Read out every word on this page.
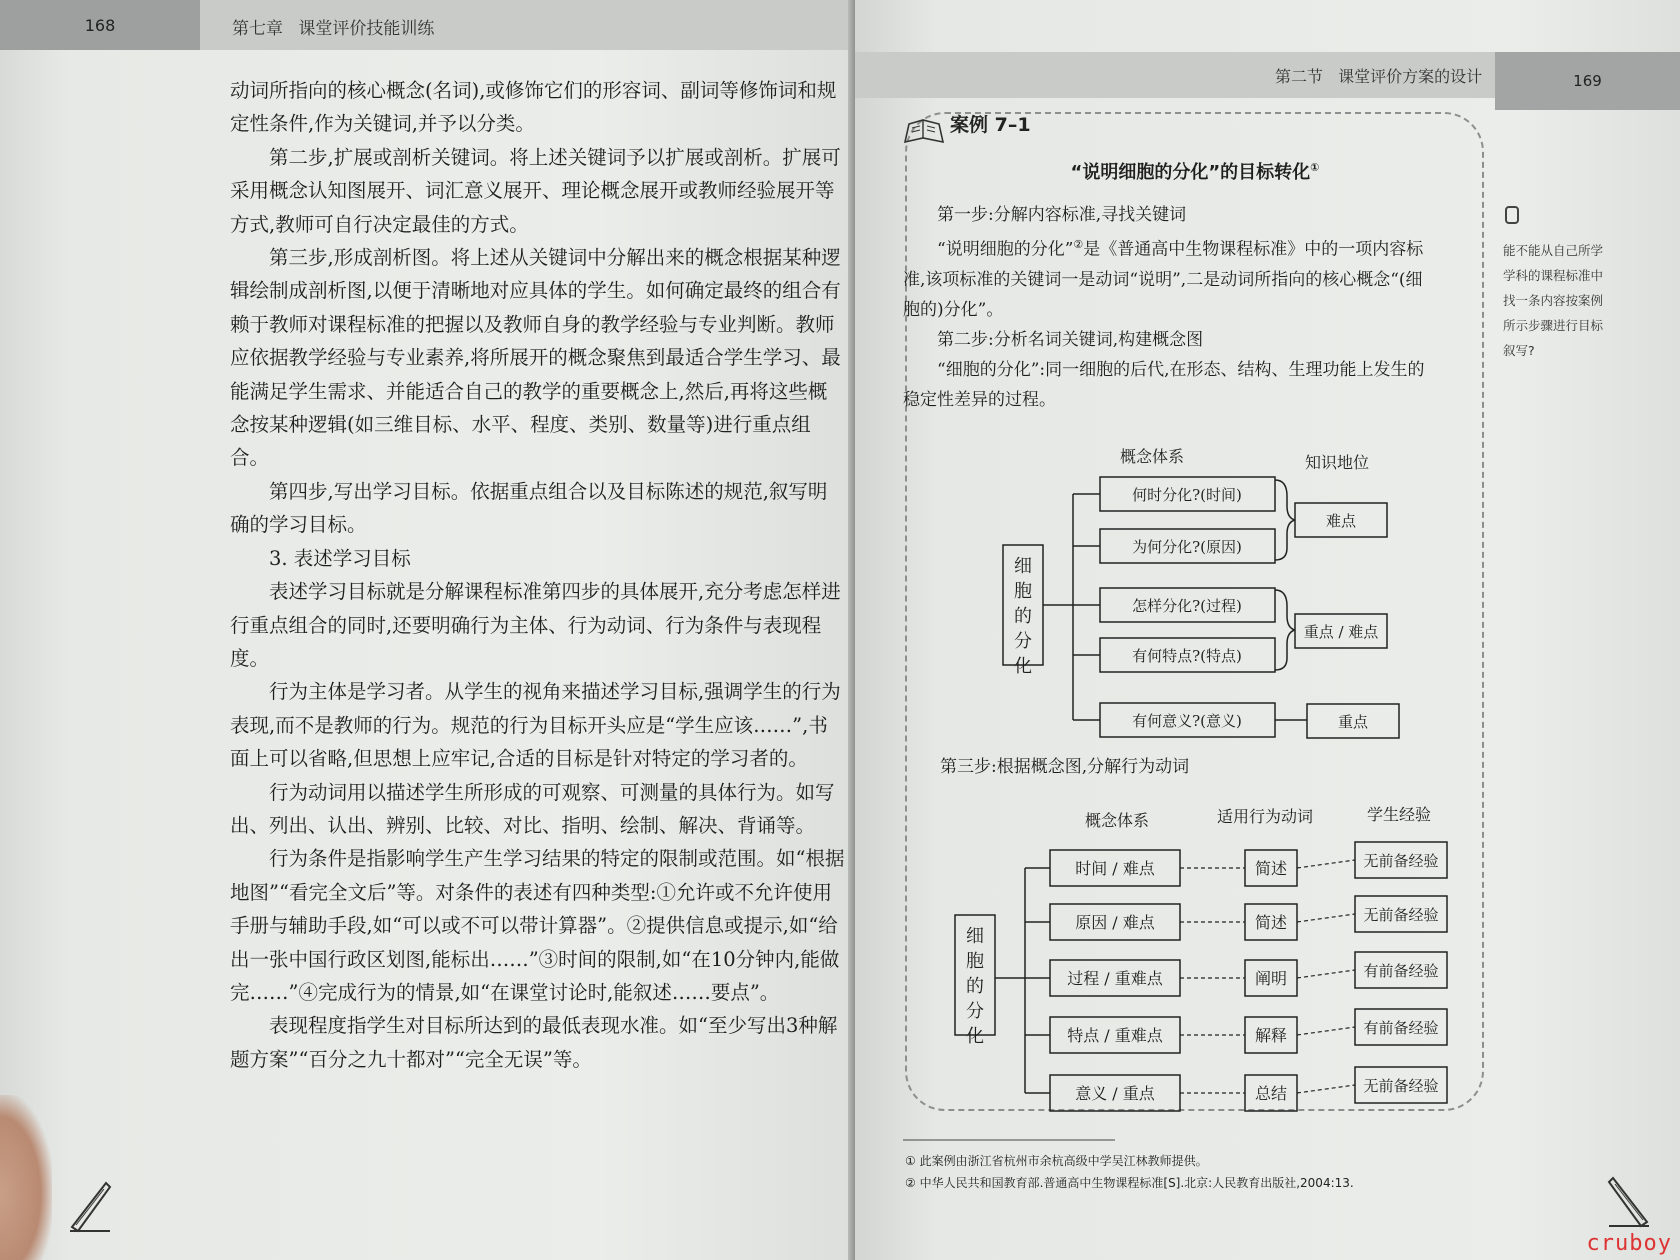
168	第七章 课堂评价技能训练

动词所指向的核心概念(名词),或修饰它们的形容词、副词等修饰词和规定性条件,作为关键词,并予以分类。

第二步,扩展或剖析关键词。将上述关键词予以扩展或剖析。扩展可采用概念认知图展开、词汇意义展开、理论概念展开或教师经验展开等方式,教师可自行决定最佳的方式。

第三步,形成剖析图。将上述从关键词中分解出来的概念根据某种逻辑绘制成剖析图,以便于清晰地对应具体的学生。如何确定最终的组合有赖于教师对课程标准的把握以及教师自身的教学经验与专业判断。教师应依据教学经验与专业素养,将所展开的概念聚焦到最适合学生学习、最能满足学生需求、并能适合自己的教学的重要概念上,然后,再将这些概念按某种逻辑(如三维目标、水平、程度、类别、数量等)进行重点组合。

第四步,写出学习目标。依据重点组合以及目标陈述的规范,叙写明确的学习目标。

3. 表述学习目标

表述学习目标就是分解课程标准第四步的具体展开,充分考虑怎样进行重点组合的同时,还要明确行为主体、行为动词、行为条件与表现程度。

行为主体是学习者。从学生的视角来描述学习目标,强调学生的行为表现,而不是教师的行为。规范的行为目标开头应是“学生应该……”,书面上可以省略,但思想上应牢记,合适的目标是针对特定的学习者的。

行为动词用以描述学生所形成的可观察、可测量的具体行为。如写出、列出、认出、辨别、比较、对比、指明、绘制、解决、背诵等。

行为条件是指影响学生产生学习结果的特定的限制或范围。如“根据地图”“看完全文后”等。对条件的表述有四种类型:①允许或不允许使用手册与辅助手段,如“可以或不可以带计算器”。②提供信息或提示,如“给出一张中国行政区划图,能标出……”③时间的限制,如“在10分钟内,能做完……”④完成行为的情景,如“在课堂讨论时,能叙述……要点”。

表现程度指学生对目标所达到的最低表现水准。如“至少写出3种解题方案”“百分之九十都对”“完全无误”等。

第二节 课堂评价方案的设计	169
案例 7–1
“说明细胞的分化”的目标转化①

第一步:分解内容标准,寻找关键词

“说明细胞的分化”②是《普通高中生物课程标准》中的一项内容标准,该项标准的关键词一是动词“说明”,二是动词所指向的核心概念“(细胞的)分化”。

第二步:分析名词关键词,构建概念图

“细胞的分化”:同一细胞的后代,在形态、结构、生理功能上发生的稳定性差异的过程。

第三步:根据概念图,分解行为动词
概念体系	知识地位
细
胞
的
分
化
何时分化?(时间)
为何分化?(原因)
怎样分化?(过程)
有何特点?(特点)
有何意义?(意义)
难点
重点 / 难点
重点
概念体系	适用行为动词	学生经验
细
胞
的
分
化
时间 / 难点	简述	无前备经验
原因 / 难点	简述	无前备经验
过程 / 重难点	阐明	有前备经验
特点 / 重难点	解释	有前备经验
意义 / 重点	总结	无前备经验
能不能从自己所学学科的课程标准中找一条内容按案例所示步骤进行目标叙写?
① 此案例由浙江省杭州市余杭高级中学吴江林教师提供。
② 中华人民共和国教育部.普通高中生物课程标准[S].北京:人民教育出版社,2004:13.
cruboy
